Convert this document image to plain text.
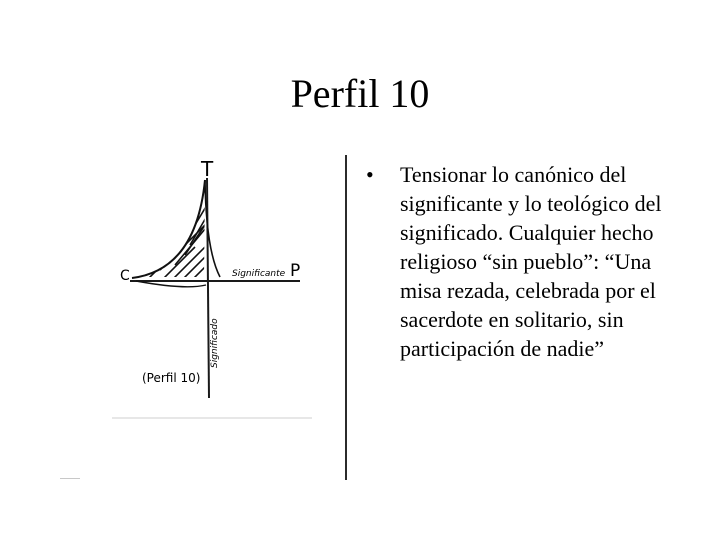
Perfil 10
T
C	P
Significante
Significado
(Perfil 10)
• Tensionar lo canónico del significante y lo teológico del significado. Cualquier hecho religioso “sin pueblo”: “Una misa rezada, celebrada por el sacerdote en solitario, sin participación de nadie”
